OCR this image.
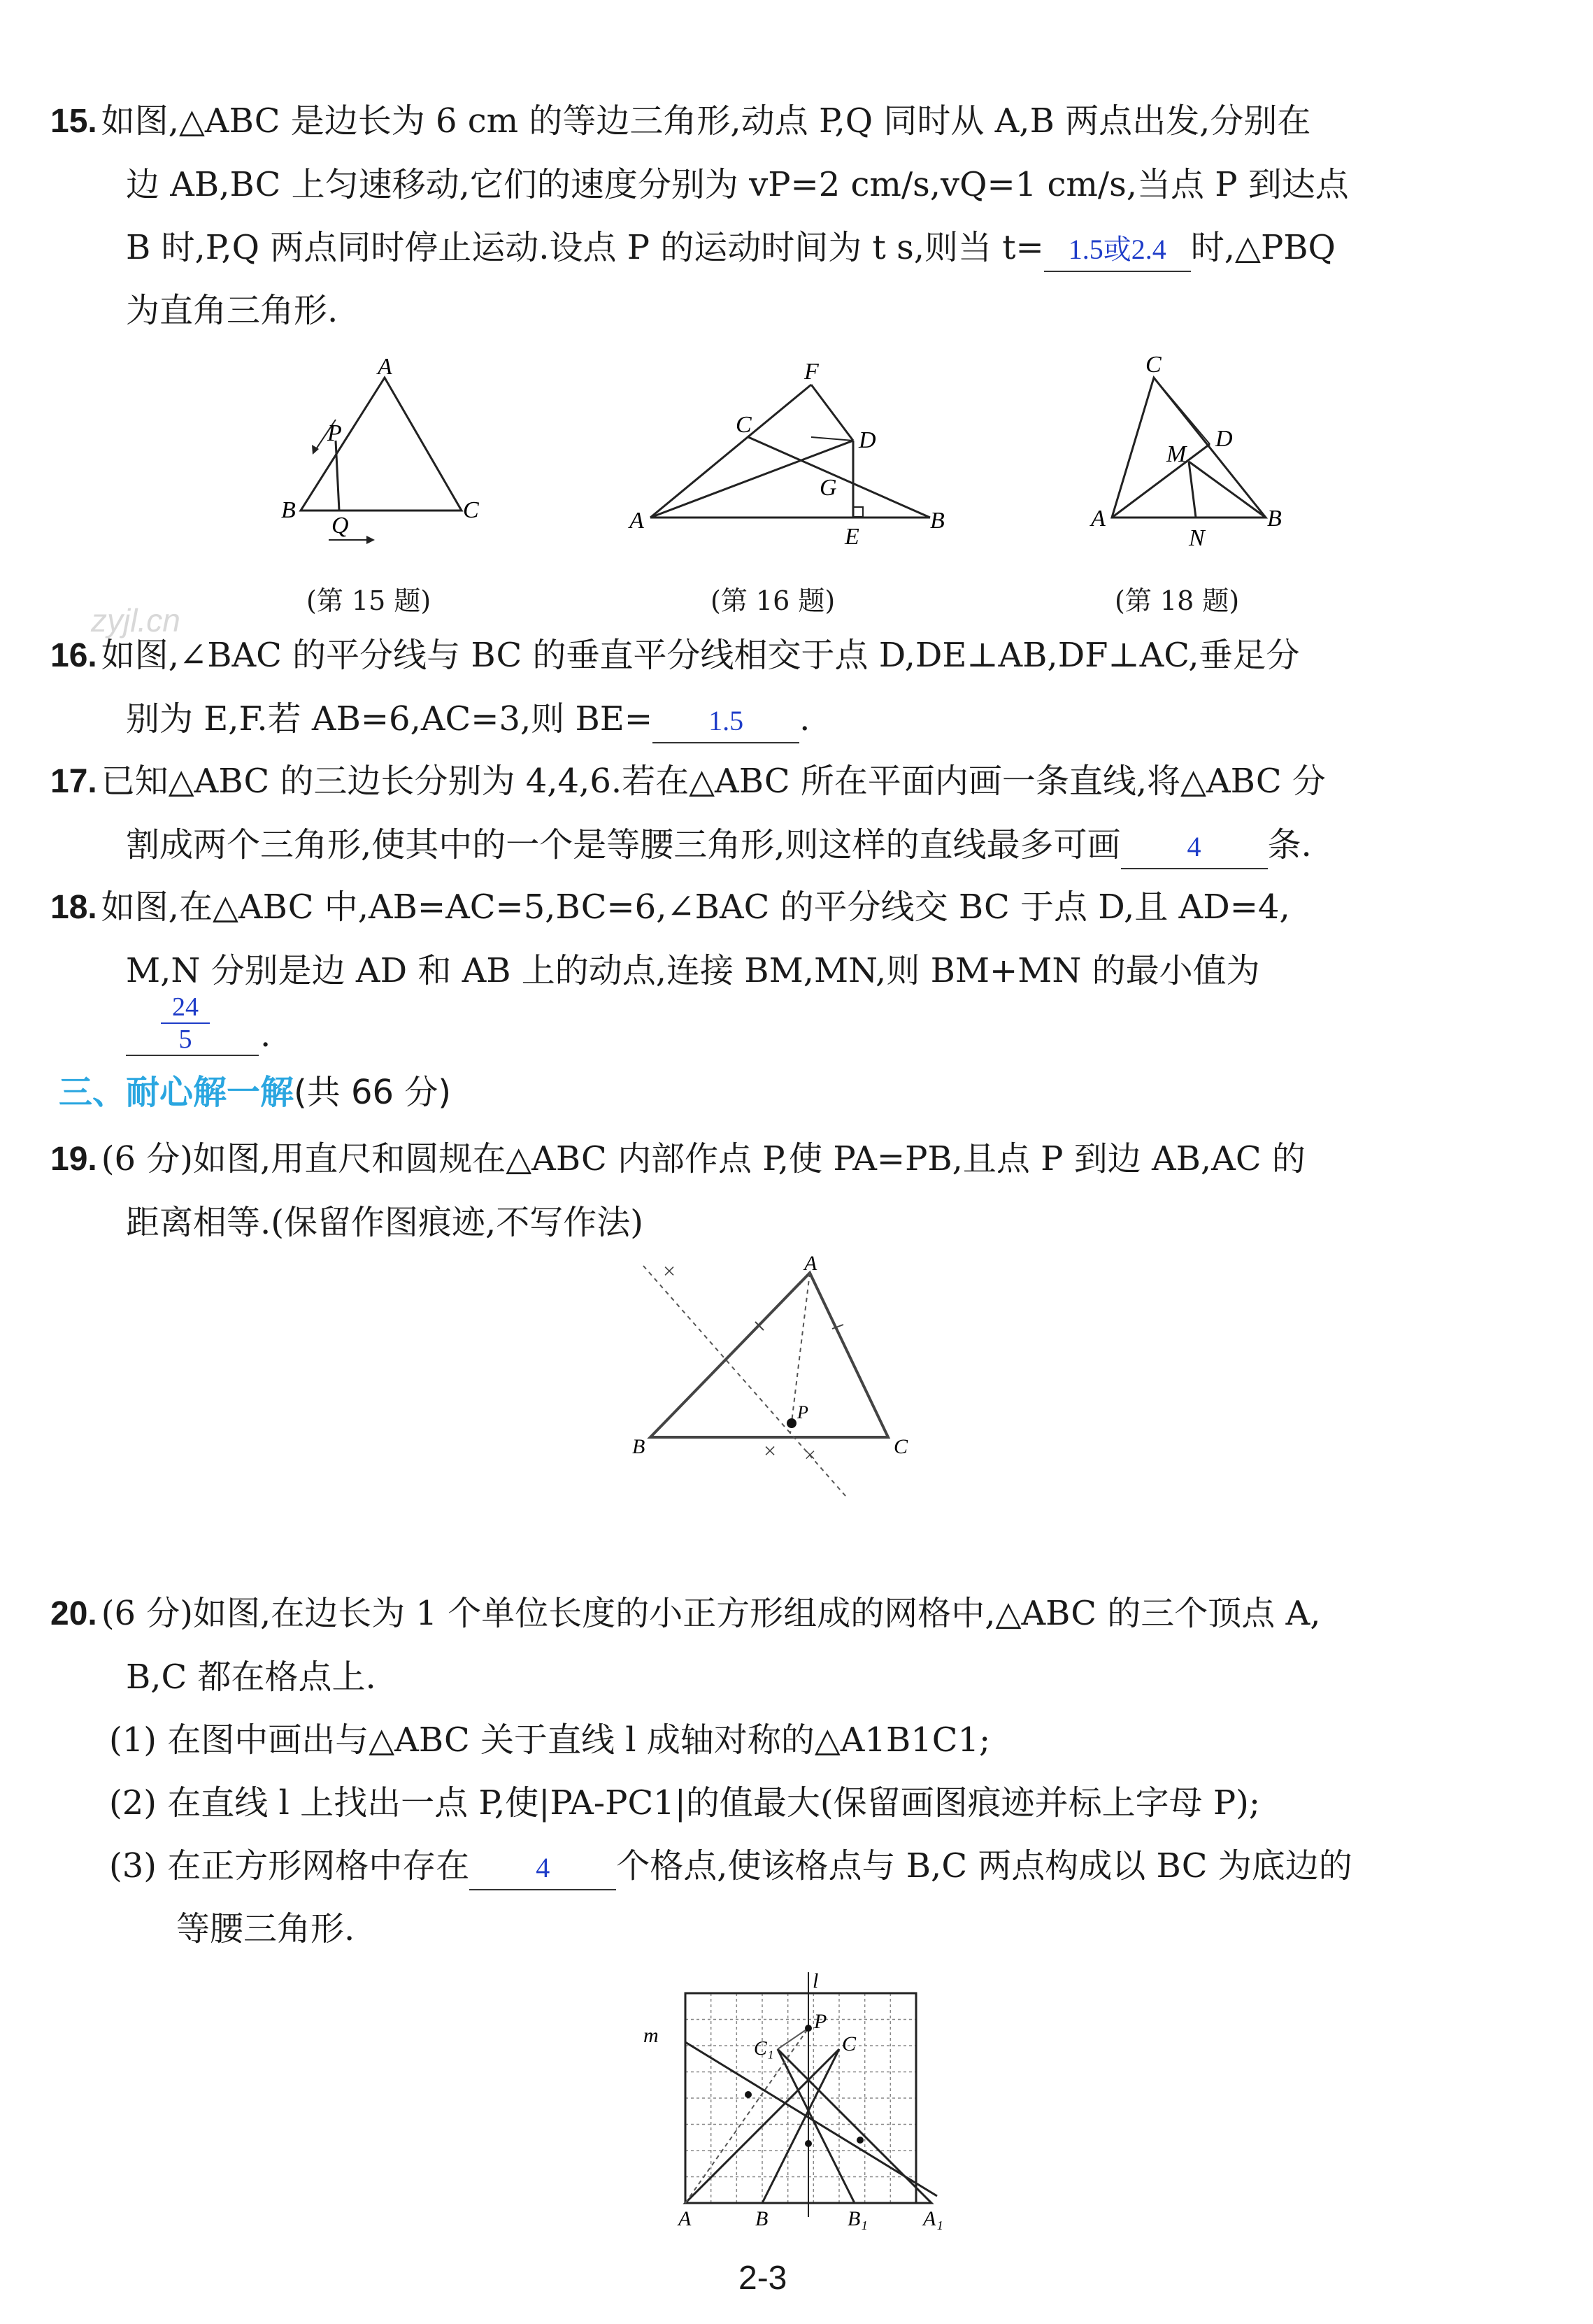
zyjl.cn
15. 如图,△ABC 是边长为 6 cm 的等边三角形,动点 P,Q 同时从 A,B 两点出发,分别在
边 AB,BC 上匀速移动,它们的速度分别为 vP=2 cm/s,vQ=1 cm/s,当点 P 到达点
B 时,P,Q 两点同时停止运动.设点 P 的运动时间为 t s,则当 t= 1.5或2.4 时,△PBQ
为直角三角形.
A
B	C
P
Q
(第 15 题)
F
C
D
G
A
E
B
(第 16 题)
C
D
M
A
N
B
(第 18 题)
16. 如图,∠BAC 的平分线与 BC 的垂直平分线相交于点 D,DE⊥AB,DF⊥AC,垂足分
别为 E,F.若 AB=6,AC=3,则 BE= 1.5 .
17. 已知△ABC 的三边长分别为 4,4,6.若在△ABC 所在平面内画一条直线,将△ABC 分
割成两个三角形,使其中的一个是等腰三角形,则这样的直线最多可画 4 条.
18. 如图,在△ABC 中,AB=AC=5,BC=6,∠BAC 的平分线交 BC 于点 D,且 AD=4,
M,N 分别是边 AD 和 AB 上的动点,连接 BM,MN,则 BM+MN 的最小值为
$\frac{24}{5}$ .
三、耐心解一解(共 66 分)
19. (6 分)如图,用直尺和圆规在△ABC 内部作点 P,使 PA=PB,且点 P 到边 AB,AC 的
距离相等.(保留作图痕迹,不写作法)
×
× ×
A
B	C
P
20. (6 分)如图,在边长为 1 个单位长度的小正方形组成的网格中,△ABC 的三个顶点 A,
B,C 都在格点上.
(1) 在图中画出与△ABC 关于直线 l 成轴对称的△A1B1C1;
(2) 在直线 l 上找出一点 P,使|PA-PC1|的值最大(保留画图痕迹并标上字母 P);
(3) 在正方形网格中存在 4 个格点,使该格点与 B,C 两点构成以 BC 为底边的
等腰三角形.
l
P
m
C₁	C
A	B	B₁	A₁
2-3
